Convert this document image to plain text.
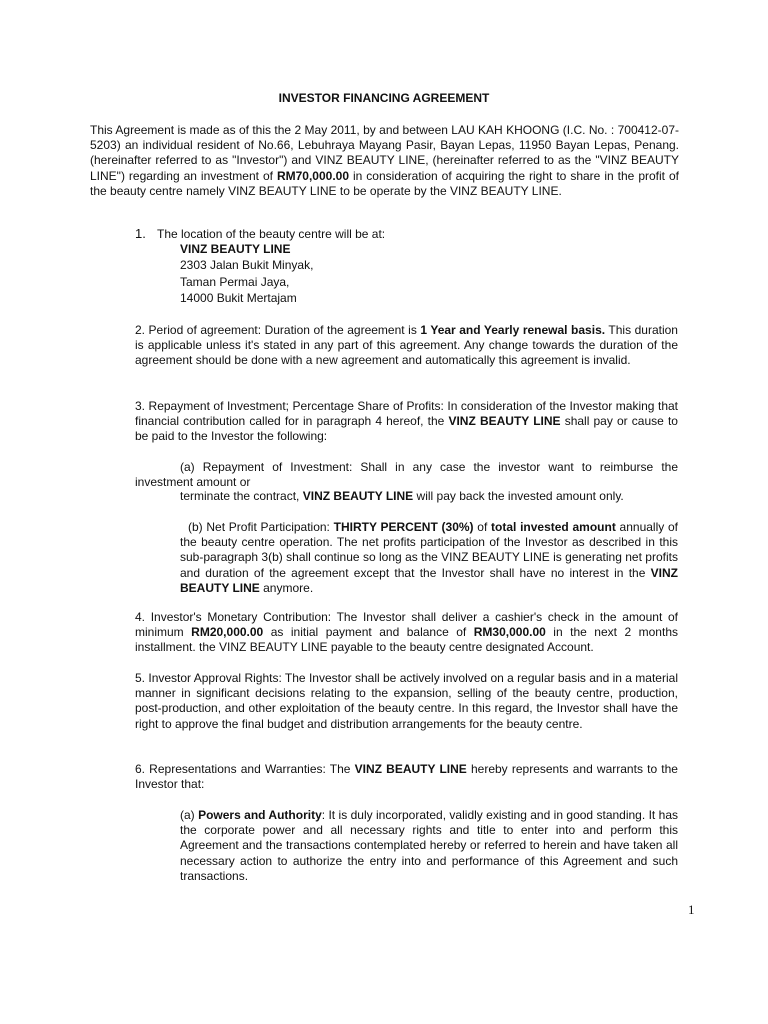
INVESTOR FINANCING AGREEMENT
This Agreement is made as of this the 2 May 2011, by and between LAU KAH KHOONG (I.C. No. : 700412-07-5203) an individual resident of No.66, Lebuhraya Mayang Pasir, Bayan Lepas, 11950 Bayan Lepas, Penang. (hereinafter referred to as "Investor") and VINZ BEAUTY LINE, (hereinafter referred to as the "VINZ BEAUTY LINE") regarding an investment of RM70,000.00 in consideration of acquiring the right to share in the profit of the beauty centre namely VINZ BEAUTY LINE to be operate by the VINZ BEAUTY LINE.
1. The location of the beauty centre will be at:
VINZ BEAUTY LINE
2303 Jalan Bukit Minyak,
Taman Permai Jaya,
14000 Bukit Mertajam
2. Period of agreement: Duration of the agreement is 1 Year and Yearly renewal basis. This duration is applicable unless it's stated in any part of this agreement. Any change towards the duration of the agreement should be done with a new agreement and automatically this agreement is invalid.
3. Repayment of Investment; Percentage Share of Profits: In consideration of the Investor making that financial contribution called for in paragraph 4 hereof, the VINZ BEAUTY LINE shall pay or cause to be paid to the Investor the following:
(a) Repayment of Investment: Shall in any case the investor want to reimburse the
investment amount or
terminate the contract, VINZ BEAUTY LINE will pay back the invested amount only.
(b) Net Profit Participation: THIRTY PERCENT (30%) of total invested amount annually of the beauty centre operation. The net profits participation of the Investor as described in this sub-paragraph 3(b) shall continue so long as the VINZ BEAUTY LINE is generating net profits and duration of the agreement except that the Investor shall have no interest in the VINZ BEAUTY LINE anymore.
4. Investor's Monetary Contribution: The Investor shall deliver a cashier's check in the amount of minimum RM20,000.00 as initial payment and balance of RM30,000.00 in the next 2 months installment. the VINZ BEAUTY LINE payable to the beauty centre designated Account.
5. Investor Approval Rights: The Investor shall be actively involved on a regular basis and in a material manner in significant decisions relating to the expansion, selling of the beauty centre, production, post-production, and other exploitation of the beauty centre. In this regard, the Investor shall have the right to approve the final budget and distribution arrangements for the beauty centre.
6. Representations and Warranties: The VINZ BEAUTY LINE hereby represents and warrants to the Investor that:
(a) Powers and Authority: It is duly incorporated, validly existing and in good standing. It has the corporate power and all necessary rights and title to enter into and perform this Agreement and the transactions contemplated hereby or referred to herein and have taken all necessary action to authorize the entry into and performance of this Agreement and such transactions.
1
